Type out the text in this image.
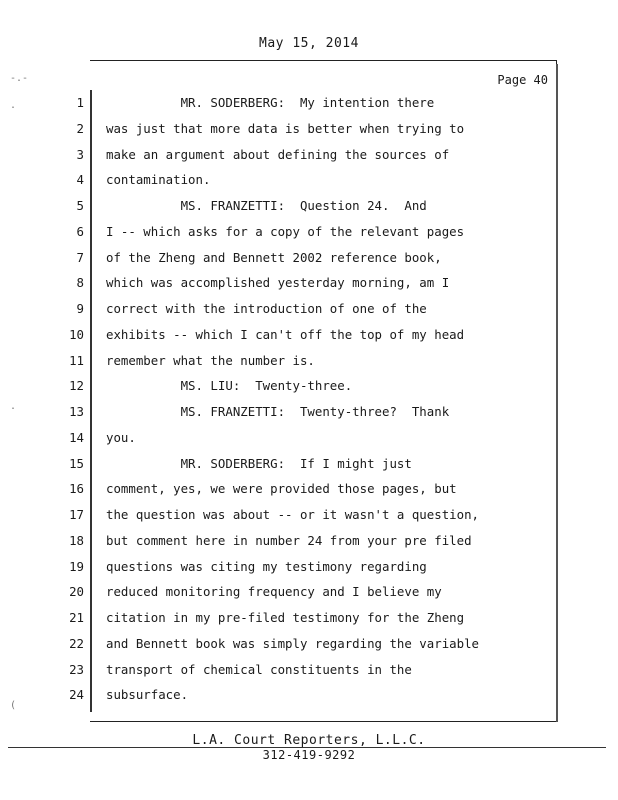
May 15, 2014
Page 40
1 MR. SODERBERG:  My intention there
2 was just that more data is better when trying to
3 make an argument about defining the sources of
4 contamination.
5 MS. FRANZETTI:  Question 24.  And
6 I -- which asks for a copy of the relevant pages
7 of the Zheng and Bennett 2002 reference book,
8 which was accomplished yesterday morning, am I
9 correct with the introduction of one of the
10 exhibits -- which I can't off the top of my head
11 remember what the number is.
12 MS. LIU:  Twenty-three.
13 MS. FRANZETTI:  Twenty-three?  Thank
14 you.
15 MR. SODERBERG:  If I might just
16 comment, yes, we were provided those pages, but
17 the question was about -- or it wasn't a question,
18 but comment here in number 24 from your pre filed
19 questions was citing my testimony regarding
20 reduced monitoring frequency and I believe my
21 citation in my pre-filed testimony for the Zheng
22 and Bennett book was simply regarding the variable
23 transport of chemical constituents in the
24 subsurface.
-.-
.
.
(
L.A. Court Reporters, L.L.C.
312-419-9292
